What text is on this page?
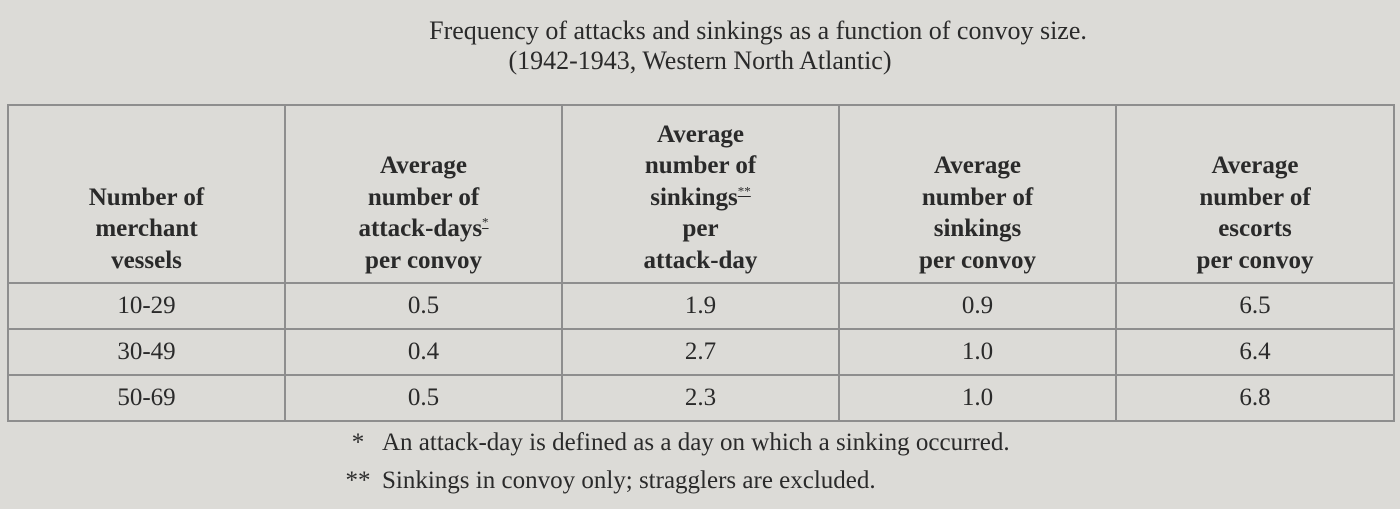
Frequency of attacks and sinkings as a function of convoy size.
(1942-1943, Western North Atlantic)
Number of
merchant
vessels	Average
number of
attack-days*
per convoy	Average
number of
sinkings**
per
attack-day	Average
number of
sinkings
per convoy	Average
number of
escorts
per convoy
10-29	0.5	1.9	0.9	6.5
30-49	0.4	2.7	1.0	6.4
50-69	0.5	2.3	1.0	6.8
* An attack-day is defined as a day on which a sinking occurred.
** Sinkings in convoy only; stragglers are excluded.
